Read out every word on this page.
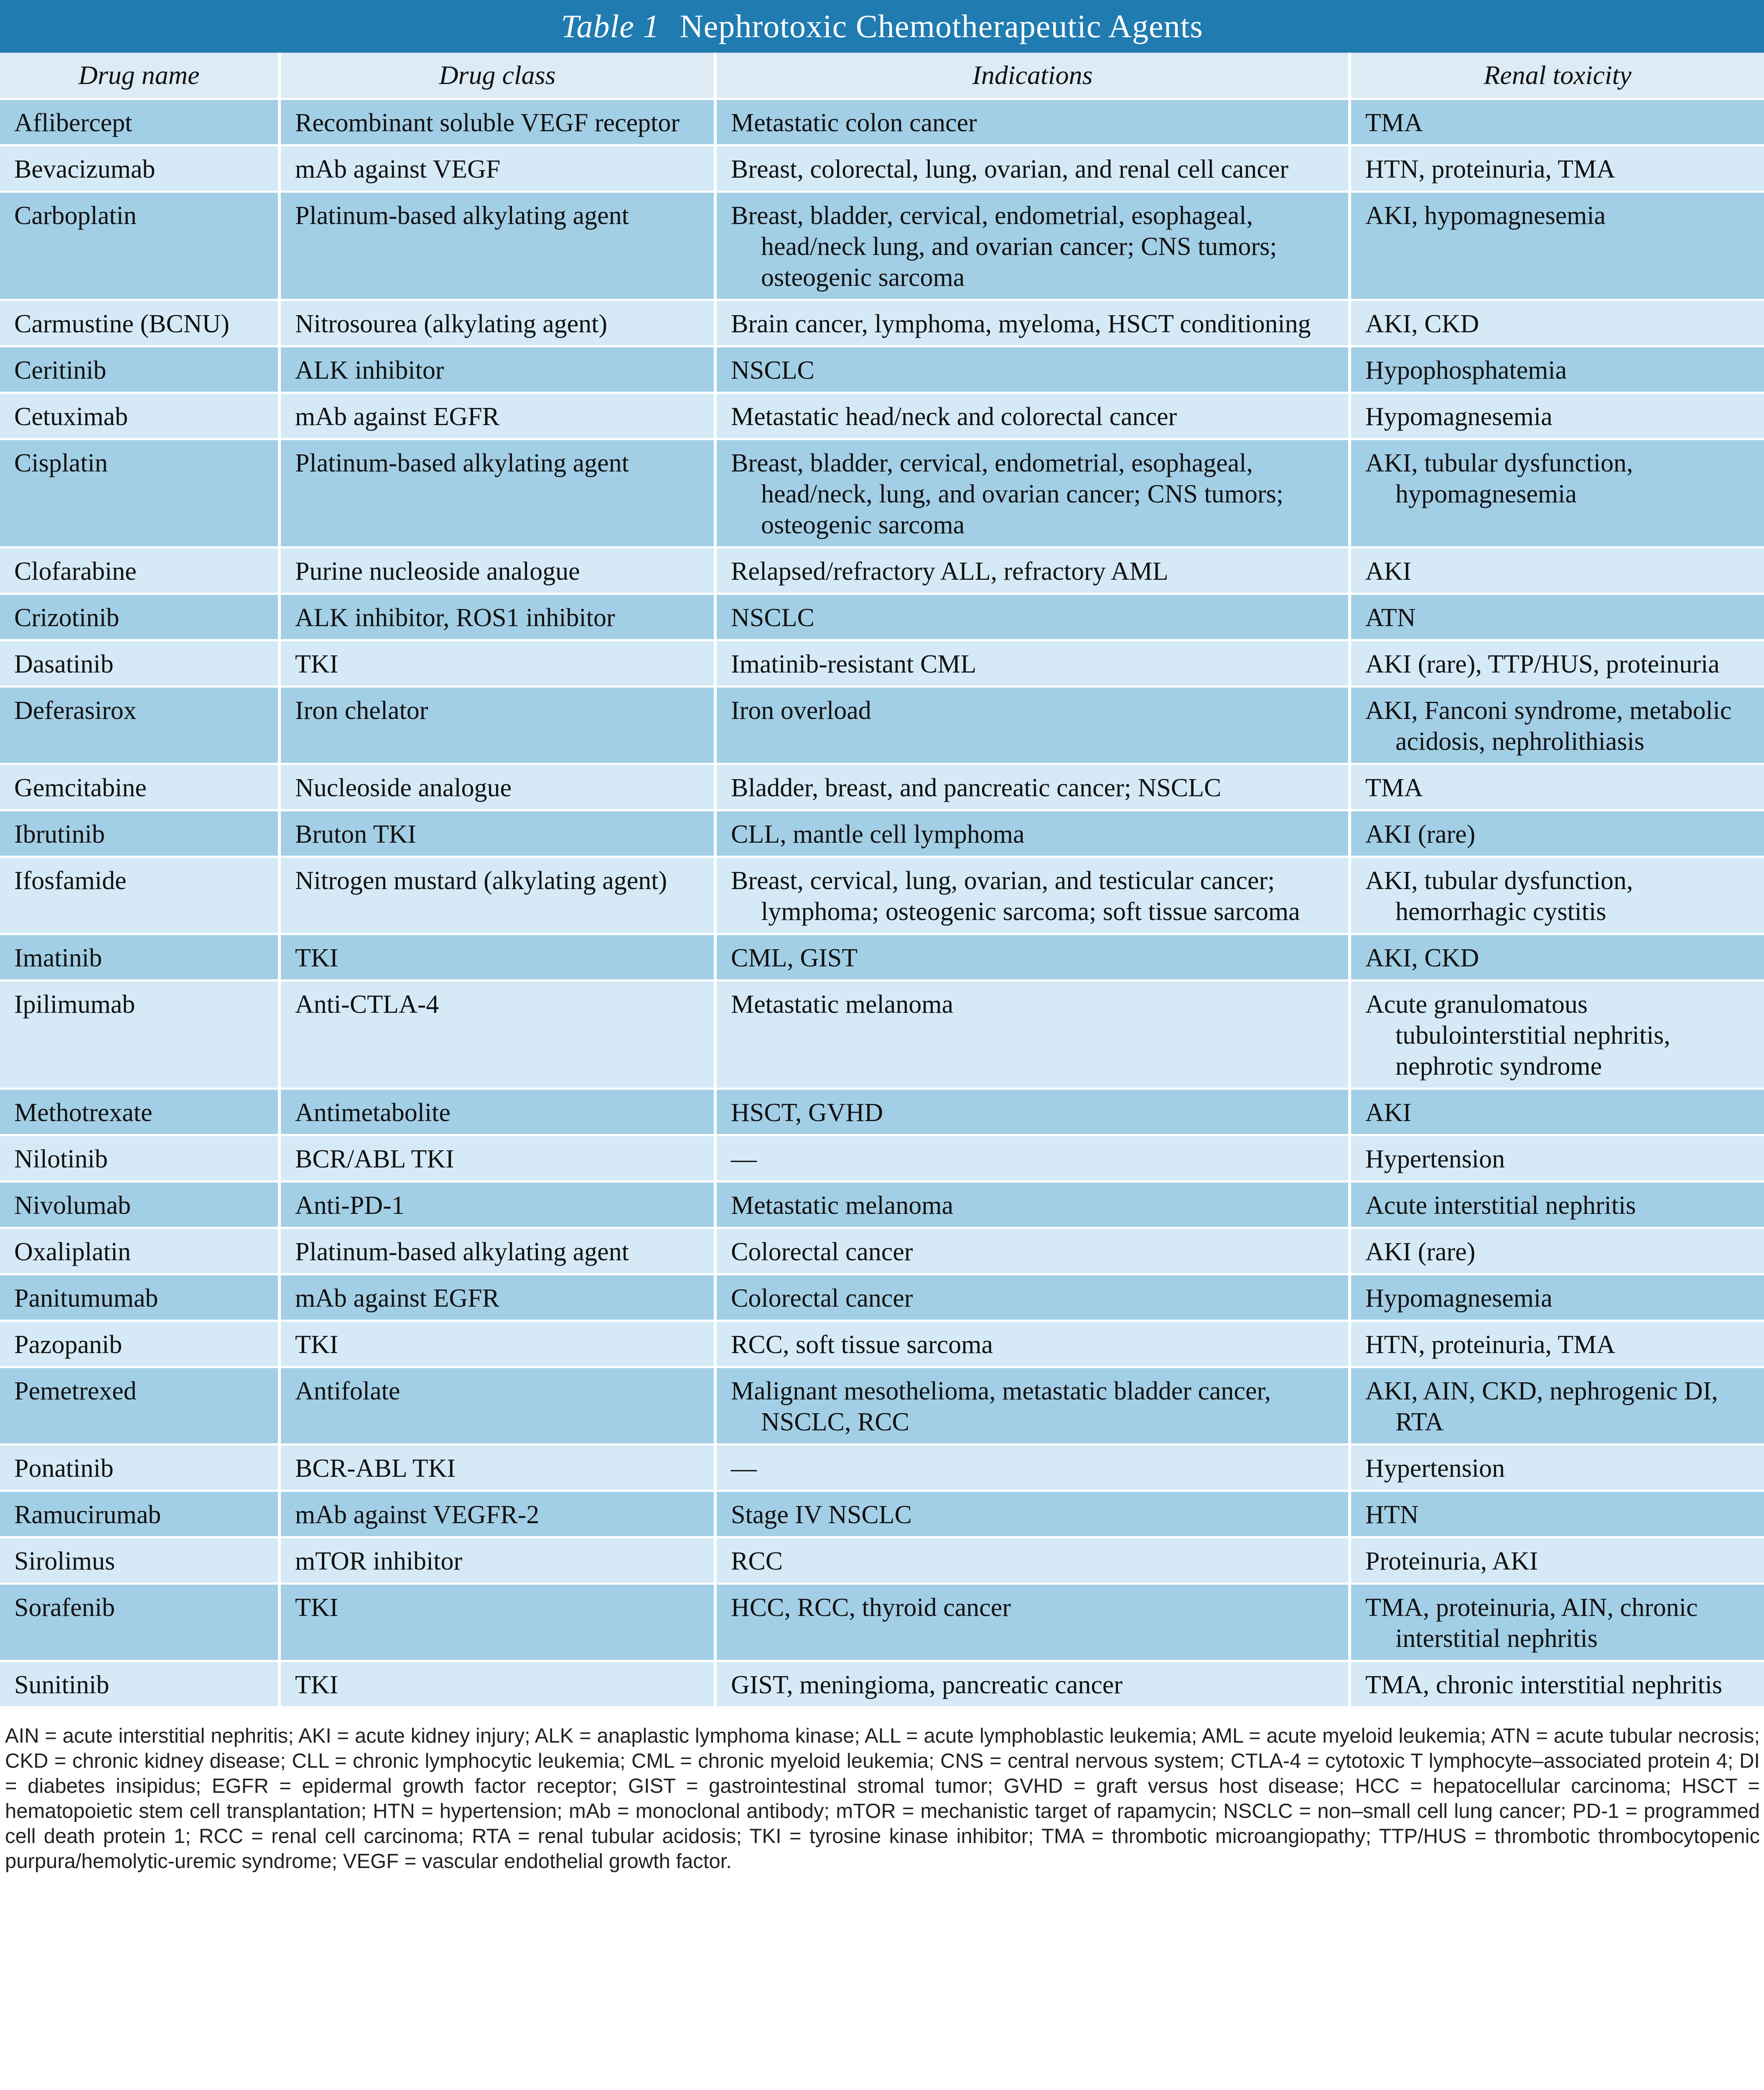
Table 1 Nephrotoxic Chemotherapeutic Agents
Drug name	Drug class	Indications	Renal toxicity

Aflibercept	Recombinant soluble VEGF receptor	Metastatic colon cancer	TMA

Bevacizumab	mAb against VEGF	Breast, colorectal, lung, ovarian, and renal cell cancer	HTN, proteinuria, TMA

Carboplatin	Platinum-based alkylating agent	Breast, bladder, cervical, endometrial, esophageal, head/neck lung, and ovarian cancer; CNS tumors; osteogenic sarcoma	AKI, hypomagnesemia

Carmustine (BCNU)	Nitrosourea (alkylating agent)	Brain cancer, lymphoma, myeloma, HSCT conditioning	AKI, CKD

Ceritinib	ALK inhibitor	NSCLC	Hypophosphatemia

Cetuximab	mAb against EGFR	Metastatic head/neck and colorectal cancer	Hypomagnesemia

Cisplatin	Platinum-based alkylating agent	Breast, bladder, cervical, endometrial, esophageal, head/neck, lung, and ovarian cancer; CNS tumors; osteogenic sarcoma	AKI, tubular dysfunction, hypomagnesemia

Clofarabine	Purine nucleoside analogue	Relapsed/refractory ALL, refractory AML	AKI

Crizotinib	ALK inhibitor, ROS1 inhibitor	NSCLC	ATN

Dasatinib	TKI	Imatinib-resistant CML	AKI (rare), TTP/HUS, proteinuria

Deferasirox	Iron chelator	Iron overload	AKI, Fanconi syndrome, metabolic acidosis, nephrolithiasis

Gemcitabine	Nucleoside analogue	Bladder, breast, and pancreatic cancer; NSCLC	TMA

Ibrutinib	Bruton TKI	CLL, mantle cell lymphoma	AKI (rare)

Ifosfamide	Nitrogen mustard (alkylating agent)	Breast, cervical, lung, ovarian, and testicular cancer; lymphoma; osteogenic sarcoma; soft tissue sarcoma	AKI, tubular dysfunction, hemorrhagic cystitis

Imatinib	TKI	CML, GIST	AKI, CKD

Ipilimumab	Anti-CTLA-4	Metastatic melanoma	Acute granulomatous tubulointerstitial nephritis, nephrotic syndrome

Methotrexate	Antimetabolite	HSCT, GVHD	AKI

Nilotinib	BCR/ABL TKI	—	Hypertension

Nivolumab	Anti-PD-1	Metastatic melanoma	Acute interstitial nephritis

Oxaliplatin	Platinum-based alkylating agent	Colorectal cancer	AKI (rare)

Panitumumab	mAb against EGFR	Colorectal cancer	Hypomagnesemia

Pazopanib	TKI	RCC, soft tissue sarcoma	HTN, proteinuria, TMA

Pemetrexed	Antifolate	Malignant mesothelioma, metastatic bladder cancer, NSCLC, RCC	AKI, AIN, CKD, nephrogenic DI, RTA

Ponatinib	BCR-ABL TKI	—	Hypertension

Ramucirumab	mAb against VEGFR-2	Stage IV NSCLC	HTN

Sirolimus	mTOR inhibitor	RCC	Proteinuria, AKI

Sorafenib	TKI	HCC, RCC, thyroid cancer	TMA, proteinuria, AIN, chronic interstitial nephritis

Sunitinib	TKI	GIST, meningioma, pancreatic cancer	TMA, chronic interstitial nephritis
AIN = acute interstitial nephritis; AKI = acute kidney injury; ALK = anaplastic lymphoma kinase; ALL = acute lymphoblastic leukemia; AML = acute myeloid leukemia; ATN = acute tubular necrosis; CKD = chronic kidney disease; CLL = chronic lymphocytic leukemia; CML = chronic myeloid leukemia; CNS = central nervous system; CTLA-4 = cytotoxic T lymphocyte–associated protein 4; DI = diabetes insipidus; EGFR = epidermal growth factor receptor; GIST = gastrointestinal stromal tumor; GVHD = graft versus host disease; HCC = hepatocellular carcinoma; HSCT = hematopoietic stem cell transplantation; HTN = hypertension; mAb = monoclonal antibody; mTOR = mechanistic target of rapamycin; NSCLC = non–small cell lung cancer; PD-1 = programmed cell death protein 1; RCC = renal cell carcinoma; RTA = renal tubular acidosis; TKI = tyrosine kinase inhibitor; TMA = thrombotic microangiopathy; TTP/HUS = thrombotic thrombocytopenic purpura/hemolytic-uremic syndrome; VEGF = vascular endothelial growth factor.
